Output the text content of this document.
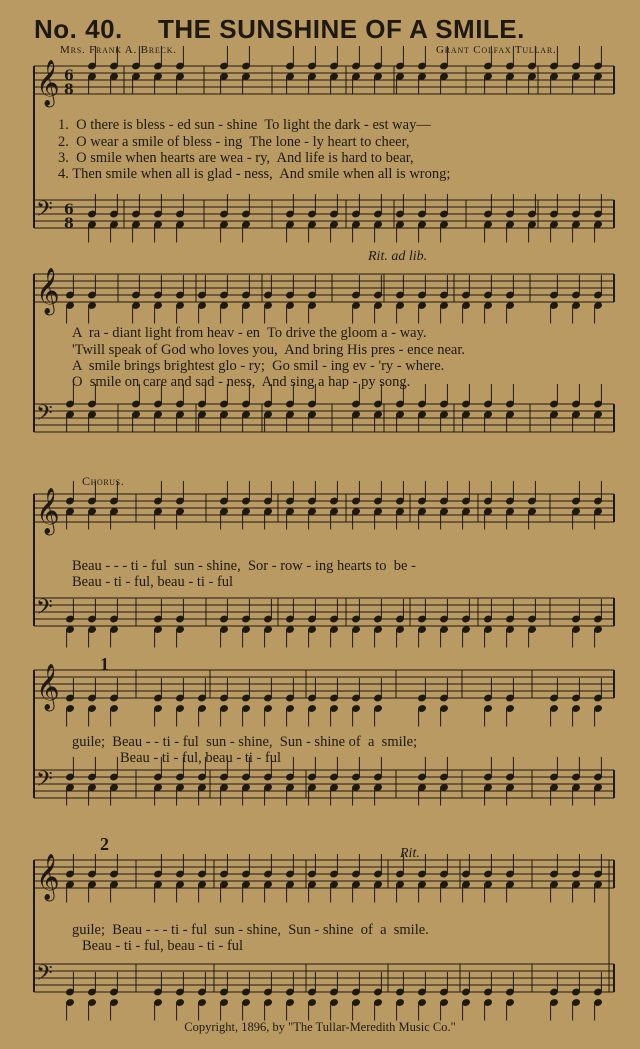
No. 40. THE SUNSHINE OF A SMILE.
Mrs. Frank A. Breck.	Grant Colfax Tullar.
𝄞 6
8
𝄢 6
8
𝄞
𝄢
𝄞
𝄢
𝄞
𝄢
𝄞
𝄢
1.  O there is bless - ed sun - shine  To light the dark - est way—
2.  O wear a smile of bless - ing  The lone - ly heart to cheer,
3.  O smile when hearts are wea - ry,  And life is hard to bear,
4. Then smile when all is glad - ness,  And smile when all is wrong;
Rit. ad lib.
A  ra - diant light from heav - en  To drive the gloom a - way.
'Twill speak of God who loves you,  And bring His pres - ence near.
A  smile brings brightest glo - ry;  Go smil - ing ev - 'ry - where.
O  smile on care and sad - ness,  And sing a hap - py song.
Chorus.
Beau - - - ti - ful  sun - shine,  Sor - row - ing hearts to  be -
Beau - ti - ful, beau - ti - ful
1
guile;  Beau - - ti - ful  sun - shine,  Sun - shine of  a  smile;
Beau - ti - ful, beau - ti - ful
2	Rit.
guile;  Beau - - - ti - ful  sun - shine,  Sun - shine  of  a  smile.
Beau - ti - ful, beau - ti - ful
Copyright, 1896, by "The Tullar-Meredith Music Co."
